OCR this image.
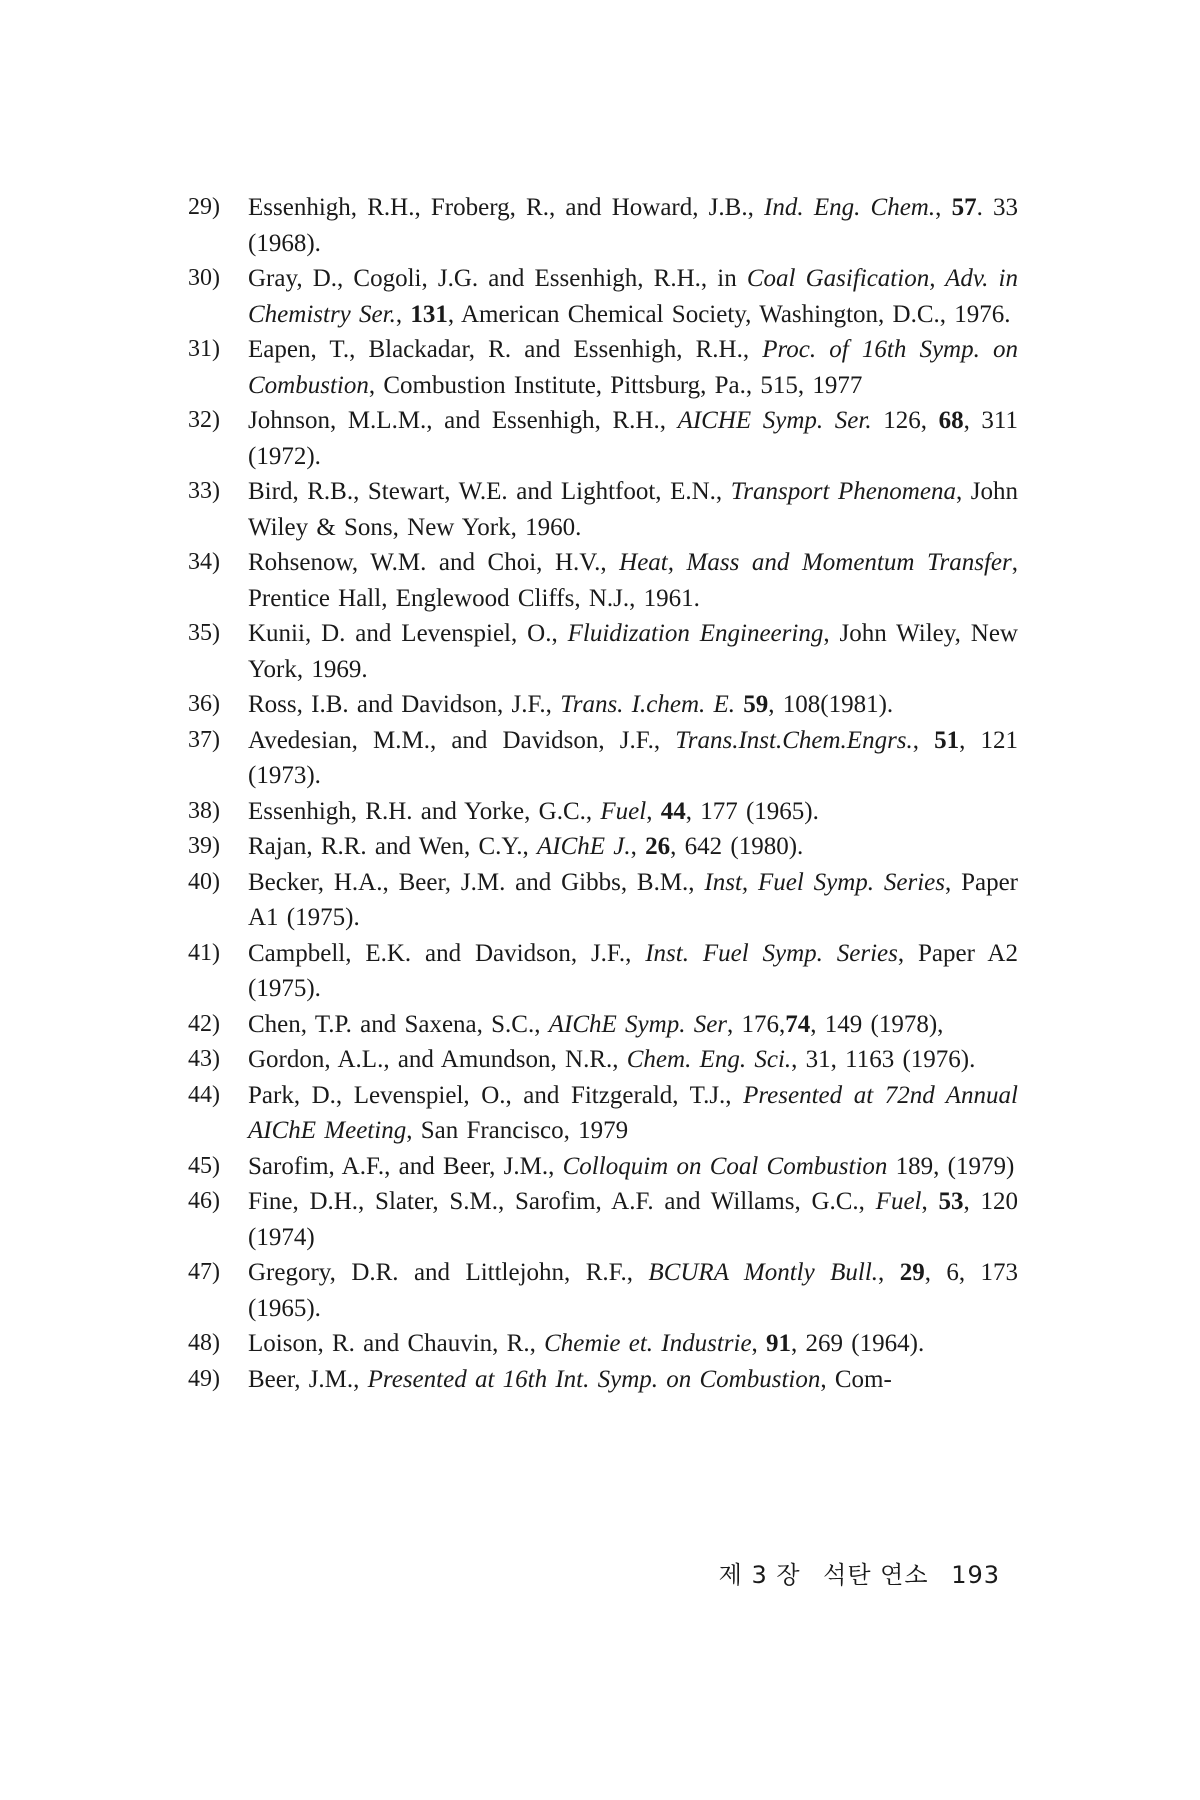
29) Essenhigh, R.H., Froberg, R., and Howard, J.B., Ind. Eng. Chem., 57. 33 (1968).

30) Gray, D., Cogoli, J.G. and Essenhigh, R.H., in Coal Gasification, Adv. in Chemistry Ser., 131, American Chemical Society, Washington, D.C., 1976.

31) Eapen, T., Blackadar, R. and Essenhigh, R.H., Proc. of 16th Symp. on Combustion, Combustion Institute, Pittsburg, Pa., 515, 1977

32) Johnson, M.L.M., and Essenhigh, R.H., AICHE Symp. Ser. 126, 68, 311 (1972).

33) Bird, R.B., Stewart, W.E. and Lightfoot, E.N., Transport Phenomena, John Wiley & Sons, New York, 1960.

34) Rohsenow, W.M. and Choi, H.V., Heat, Mass and Momentum Transfer, Prentice Hall, Englewood Cliffs, N.J., 1961.

35) Kunii, D. and Levenspiel, O., Fluidization Engineering, John Wiley, New York, 1969.

36) Ross, I.B. and Davidson, J.F., Trans. I.chem. E. 59, 108(1981).

37) Avedesian, M.M., and Davidson, J.F., Trans.Inst.Chem.Engrs., 51, 121 (1973).

38) Essenhigh, R.H. and Yorke, G.C., Fuel, 44, 177 (1965).

39) Rajan, R.R. and Wen, C.Y., AIChE J., 26, 642 (1980).

40) Becker, H.A., Beer, J.M. and Gibbs, B.M., Inst, Fuel Symp. Series, Paper A1 (1975).

41) Campbell, E.K. and Davidson, J.F., Inst. Fuel Symp. Series, Paper A2 (1975).

42) Chen, T.P. and Saxena, S.C., AIChE Symp. Ser, 176,74, 149 (1978),

43) Gordon, A.L., and Amundson, N.R., Chem. Eng. Sci., 31, 1163 (1976).

44) Park, D., Levenspiel, O., and Fitzgerald, T.J., Presented at 72nd Annual AIChE Meeting, San Francisco, 1979

45) Sarofim, A.F., and Beer, J.M., Colloquim on Coal Combustion 189, (1979)

46) Fine, D.H., Slater, S.M., Sarofim, A.F. and Willams, G.C., Fuel, 53, 120 (1974)

47) Gregory, D.R. and Littlejohn, R.F., BCURA Montly Bull., 29, 6, 173 (1965).

48) Loison, R. and Chauvin, R., Chemie et. Industrie, 91, 269 (1964).

49) Beer, J.M., Presented at 16th Int. Symp. on Combustion, Com-

제 3 장 석탄 연소 193
